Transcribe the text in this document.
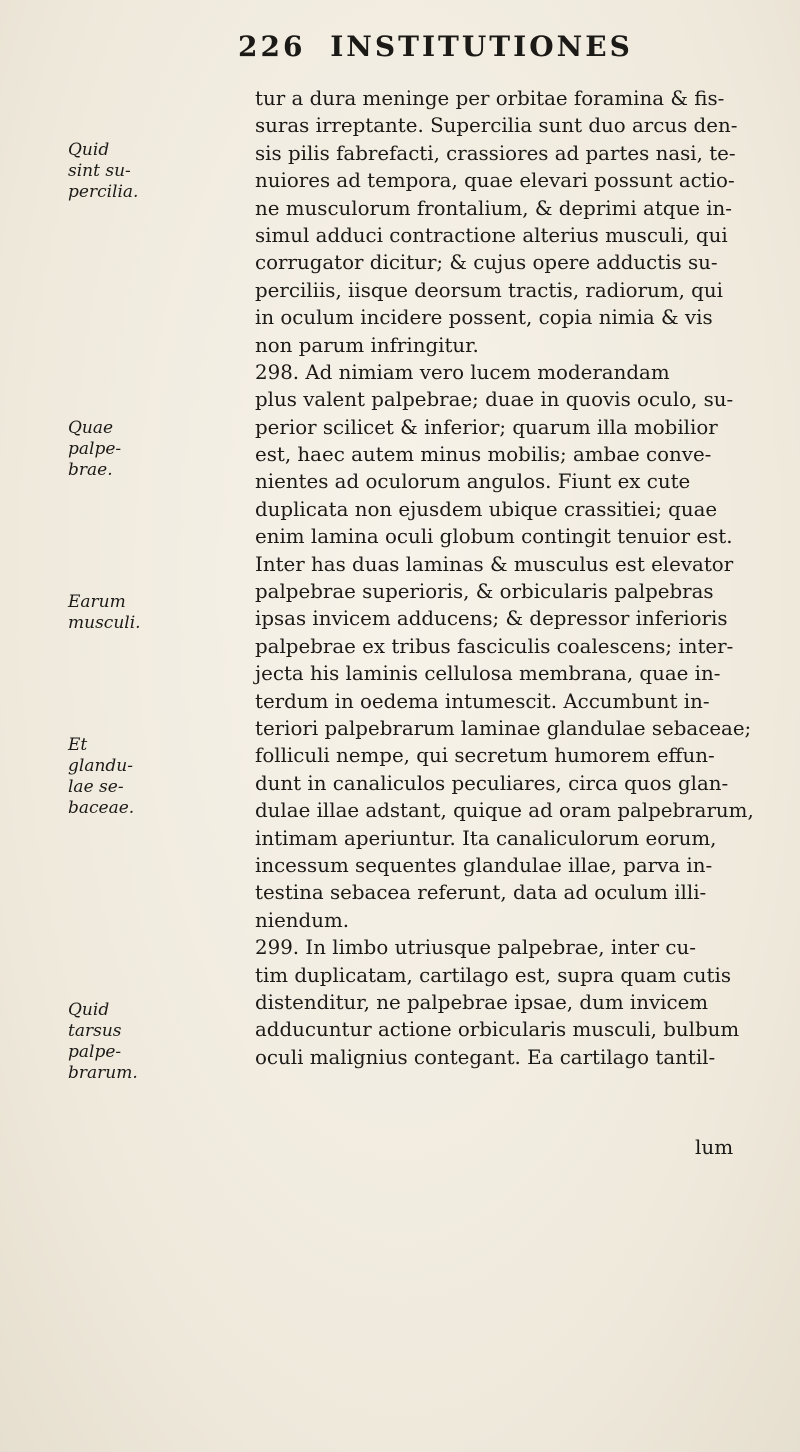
226 INSTITUTIONES
Quid
sint su-
percilia.
Quae
palpe-
brae.
Earum
musculi.
Et
glandu-
lae se-
baceae.
Quid
tarsus
palpe-
brarum.
tur a dura meninge per orbitae foramina & fis-
suras irreptante. Supercilia sunt duo arcus den-
sis pilis fabrefacti, crassiores ad partes nasi, te-
nuiores ad tempora, quae elevari possunt actio-
ne musculorum frontalium, & deprimi atque in-
simul adduci contractione alterius musculi, qui
corrugator dicitur; & cujus opere adductis su-
perciliis, iisque deorsum tractis, radiorum, qui
in oculum incidere possent, copia nimia & vis
non parum infringitur.
298. Ad nimiam vero lucem moderandam
plus valent palpebrae; duae in quovis oculo, su-
perior scilicet & inferior; quarum illa mobilior
est, haec autem minus mobilis; ambae conve-
nientes ad oculorum angulos. Fiunt ex cute
duplicata non ejusdem ubique crassitiei; quae
enim lamina oculi globum contingit tenuior est.
Inter has duas laminas & musculus est elevator
palpebrae superioris, & orbicularis palpebras
ipsas invicem adducens; & depressor inferioris
palpebrae ex tribus fasciculis coalescens; inter-
jecta his laminis cellulosa membrana, quae in-
terdum in oedema intumescit. Accumbunt in-
teriori palpebrarum laminae glandulae sebaceae;
folliculi nempe, qui secretum humorem effun-
dunt in canaliculos peculiares, circa quos glan-
dulae illae adstant, quique ad oram palpebrarum,
intimam aperiuntur. Ita canaliculorum eorum,
incessum sequentes glandulae illae, parva in-
testina sebacea referunt, data ad oculum illi-
niendum.
299. In limbo utriusque palpebrae, inter cu-
tim duplicatam, cartilago est, supra quam cutis
distenditur, ne palpebrae ipsae, dum invicem
adducuntur actione orbicularis musculi, bulbum
oculi malignius contegant. Ea cartilago tantil-
lum
